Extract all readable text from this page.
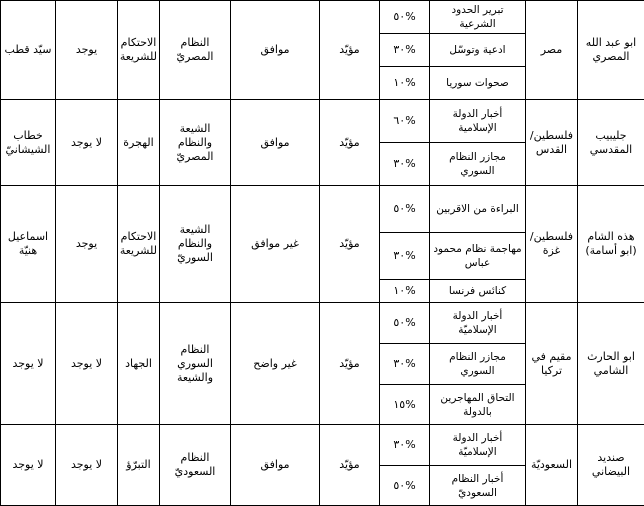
ابو عبد الله المصري	مصر	تبرير الحدود الشرعية	٥٠%	مؤيّد	موافق	النظام المصريّ	الاحتكام للشريعة	يوجد	سيّد قطب	
		ادعية وتوسّل	٣٠%							
		صحوات سوريا	١٠%							
جليبيب المقدسي	فلسطين/ القدس	أخبار الدولة الإسلامية	٦٠%	مؤيّد	موافق	الشيعة والنظام المصريّ	الهجرة	لا يوجد	خطاب الشيشانيّ	
		مجازر النظام السوري	٣٠%							
هذه الشام (ابو أسامة)	فلسطين/ غزة	البراءة من الاقربين	٥٠%	مؤيّد	غير موافق	الشيعة والنظام السوريّ	الاحتكام للشريعة	يوجد	اسماعيل هنيّة	
		مهاجمة نظام محمود عباس	٣٠%							
		كنائس فرنسا	١٠%							
ابو الحارث الشامي	مقيم في تركيا	أخبار الدولة الإسلاميّة	٥٠%	مؤيّد	غير واضح	النظام السوري والشيعة	الجهاد	لا يوجد	لا يوجد	
		مجازر النظام السوري	٣٠%							
		التحاق المهاجرين بالدولة	١٥%							
صنديد البيضاني	السعوديّة	أخبار الدولة الإسلاميّة	٣٠%	مؤيّد	موافق	النظام السعوديّ	التبرّؤ	لا يوجد	لا يوجد	
		أخبار النظام السعوديّ	٥٠%							
